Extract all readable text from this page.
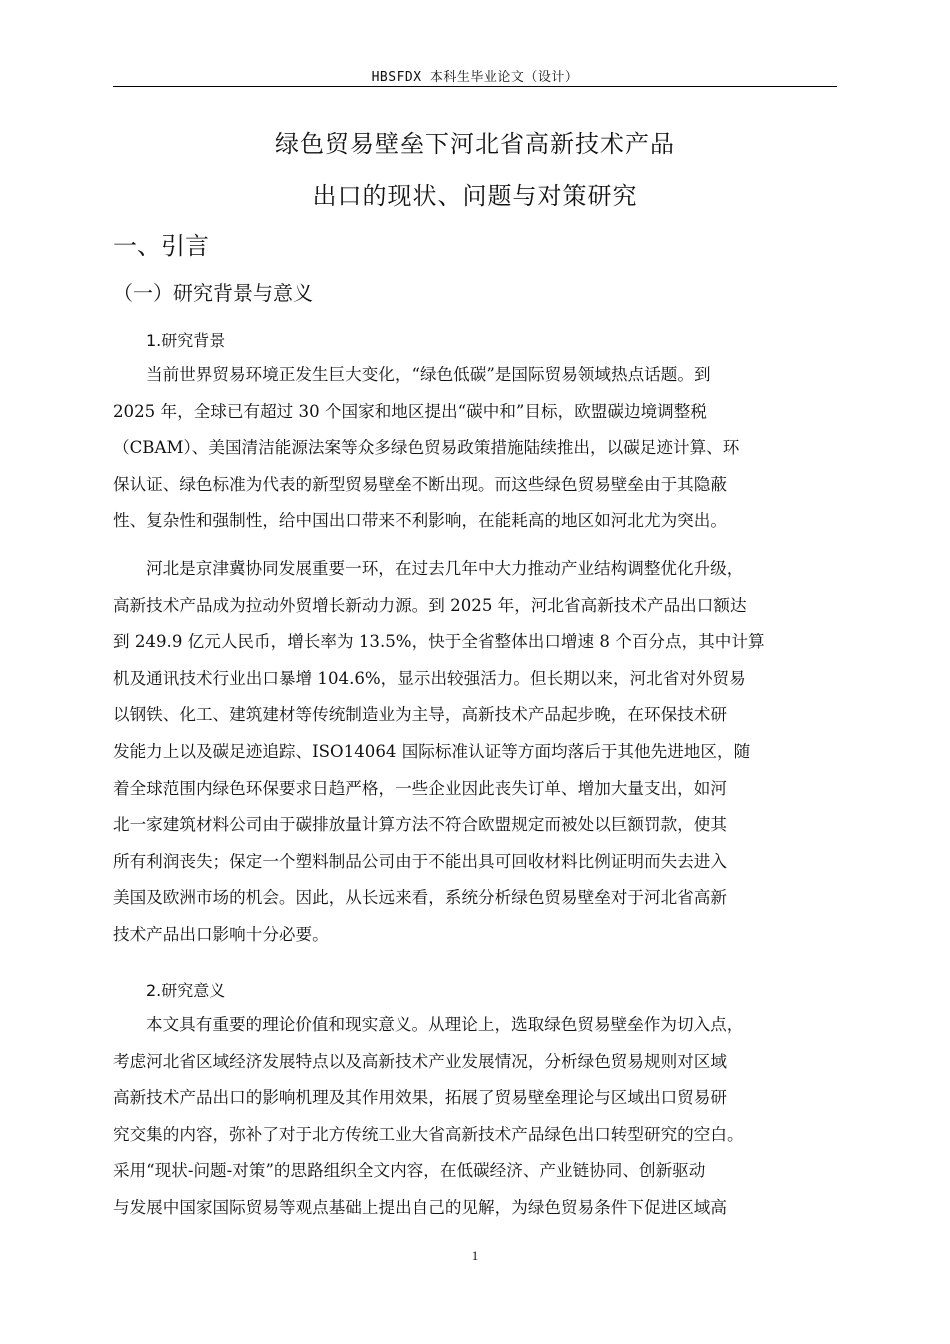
HBSFDX 本科生毕业论文（设计）
绿色贸易壁垒下河北省高新技术产品
出口的现状、问题与对策研究
一、引言
（一）研究背景与意义
1.研究背景

当前世界贸易环境正发生巨大变化，“绿色低碳”是国际贸易领域热点话题。到
2025 年，全球已有超过 30 个国家和地区提出“碳中和”目标，欧盟碳边境调整税
（CBAM）、美国清洁能源法案等众多绿色贸易政策措施陆续推出，以碳足迹计算、环
保认证、绿色标准为代表的新型贸易壁垒不断出现。而这些绿色贸易壁垒由于其隐蔽
性、复杂性和强制性，给中国出口带来不利影响，在能耗高的地区如河北尤为突出。

河北是京津冀协同发展重要一环，在过去几年中大力推动产业结构调整优化升级，
高新技术产品成为拉动外贸增长新动力源。到 2025 年，河北省高新技术产品出口额达
到 249.9 亿元人民币，增长率为 13.5%，快于全省整体出口增速 8 个百分点，其中计算
机及通讯技术行业出口暴增 104.6%，显示出较强活力。但长期以来，河北省对外贸易
以钢铁、化工、建筑建材等传统制造业为主导，高新技术产品起步晚，在环保技术研
发能力上以及碳足迹追踪、ISO14064 国际标准认证等方面均落后于其他先进地区，随
着全球范围内绿色环保要求日趋严格，一些企业因此丧失订单、增加大量支出，如河
北一家建筑材料公司由于碳排放量计算方法不符合欧盟规定而被处以巨额罚款，使其
所有利润丧失；保定一个塑料制品公司由于不能出具可回收材料比例证明而失去进入
美国及欧洲市场的机会。因此，从长远来看，系统分析绿色贸易壁垒对于河北省高新
技术产品出口影响十分必要。

2.研究意义

本文具有重要的理论价值和现实意义。从理论上，选取绿色贸易壁垒作为切入点，
考虑河北省区域经济发展特点以及高新技术产业发展情况，分析绿色贸易规则对区域
高新技术产品出口的影响机理及其作用效果，拓展了贸易壁垒理论与区域出口贸易研
究交集的内容，弥补了对于北方传统工业大省高新技术产品绿色出口转型研究的空白。
采用“现状-问题-对策”的思路组织全文内容，在低碳经济、产业链协同、创新驱动
与发展中国家国际贸易等观点基础上提出自己的见解，为绿色贸易条件下促进区域高

1
